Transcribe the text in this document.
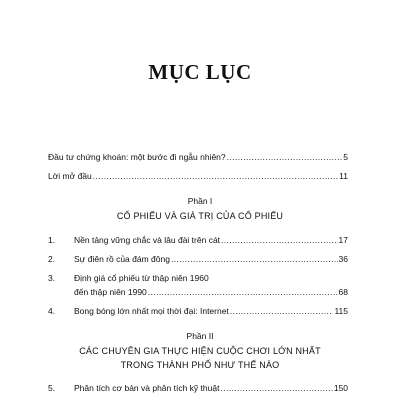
MỤC LỤC
Đầu tư chứng khoán: một bước đi ngẫu nhiên? .....	5
Lời mở đầu .....	11
Phần I
CỔ PHIẾU VÀ GIÁ TRỊ CỦA CỔ PHIẾU
1.	Nền tảng vững chắc và lâu đài trên cát .....	17
2.	Sự điên rồ của đám đông .....	36
3.	Định giá cổ phiếu từ thập niên 1960
đến thập niên 1990 .....	68
4.	Bong bóng lớn nhất mọi thời đại: Internet .....	115
Phần II
CÁC CHUYÊN GIA THỰC HIỆN CUỘC CHƠI LỚN NHẤT
TRONG THÀNH PHỐ NHƯ THẾ NÀO
5.	Phân tích cơ bản và phân tích kỹ thuật .....	150
